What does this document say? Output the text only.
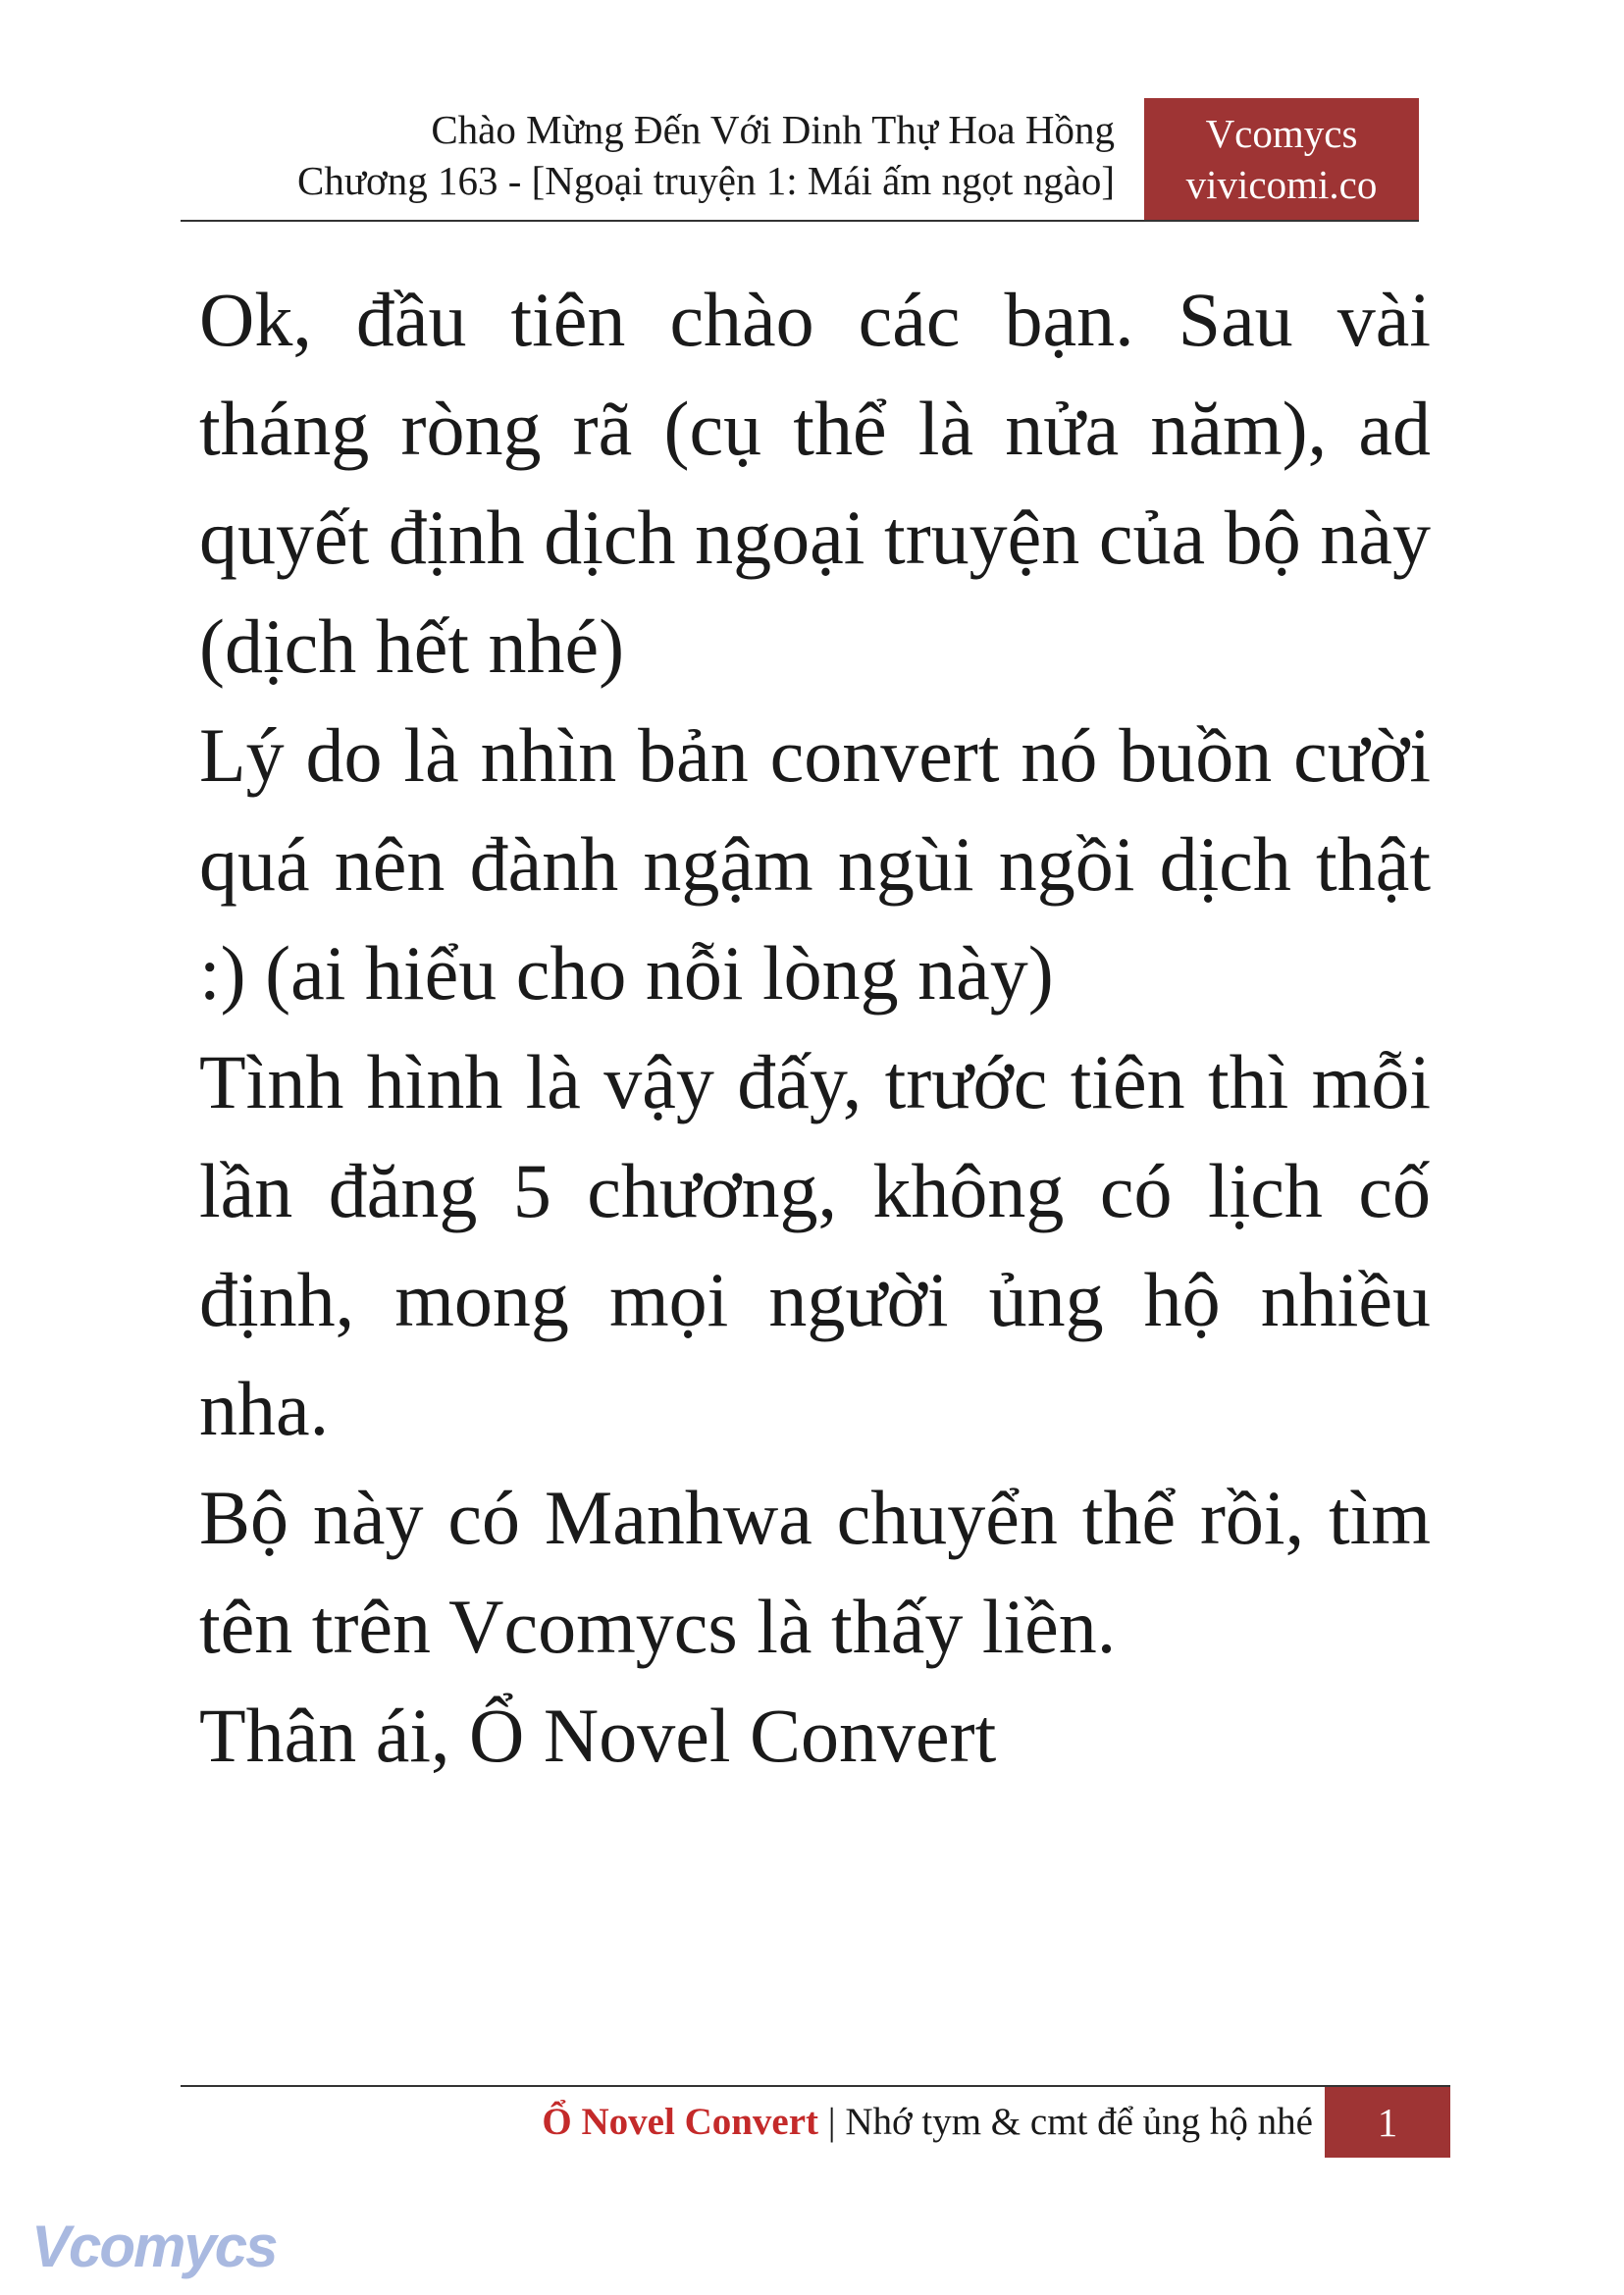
Chào Mừng Đến Với Dinh Thự Hoa Hồng
Chương 163 - [Ngoại truyện 1: Mái ấm ngọt ngào]
Vcomycs
vivicomi.co

Ok, đầu tiên chào các bạn. Sau vài tháng ròng rã (cụ thể là nửa năm), ad quyết định dịch ngoại truyện của bộ này (dịch hết nhé)

Lý do là nhìn bản convert nó buồn cười quá nên đành ngậm ngùi ngồi dịch thật :) (ai hiểu cho nỗi lòng này)

Tình hình là vậy đấy, trước tiên thì mỗi lần đăng 5 chương, không có lịch cố định, mong mọi người ủng hộ nhiều nha.

Bộ này có Manhwa chuyển thể rồi, tìm tên trên Vcomycs là thấy liền.

Thân ái, Ổ Novel Convert

Ổ Novel Convert | Nhớ tym & cmt để ủng hộ nhé	1
Vcomycs
